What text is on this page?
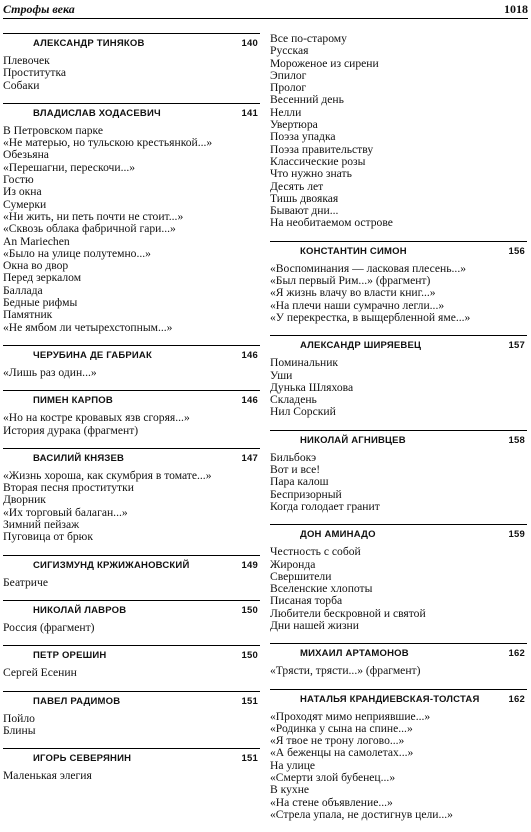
Строфы века	1018
АЛЕКСАНДР ТИНЯКОВ	140
Плевочек
Проститутка
Собаки
ВЛАДИСЛАВ ХОДАСЕВИЧ	141
В Петровском парке
«Не матерью, но тульскою крестьянкой...»
Обезьяна
«Перешагни, перескочи...»
Гостю
Из окна
Сумерки
«Ни жить, ни петь почти не стоит...»
«Сквозь облака фабричной гари...»
An Mariechen
«Было на улице полутемно...»
Окна во двор
Перед зеркалом
Баллада
Бедные рифмы
Памятник
«Не ямбом ли четырехстопным...»
ЧЕРУБИНА ДЕ ГАБРИАК	146
«Лишь раз один...»
ПИМЕН КАРПОВ	146
«Но на костре кровавых язв сгоряя...»
История дурака (фрагмент)
ВАСИЛИЙ КНЯЗЕВ	147
«Жизнь хороша, как скумбрия в томате...»
Вторая песня проститутки
Дворник
«Их торговый балаган...»
Зимний пейзаж
Пуговица от брюк
СИГИЗМУНД КРЖИЖАНОВСКИЙ	149
Беатриче
НИКОЛАЙ ЛАВРОВ	150
Россия (фрагмент)
ПЕТР ОРЕШИН	150
Сергей Есенин
ПАВЕЛ РАДИМОВ	151
Пойло
Блины
ИГОРЬ СЕВЕРЯНИН	151
Маленькая элегия
Все по-старому
Русская
Мороженое из сирени
Эпилог
Пролог
Весенний день
Нелли
Увертюра
Поэза упадка
Поэза правительству
Классические розы
Что нужно знать
Десять лет
Тишь двоякая
Бывают дни...
На необитаемом острове
КОНСТАНТИН СИМОН	156
«Воспоминания — ласковая плесень...»
«Был первый Рим...» (фрагмент)
«Я жизнь влачу во власти книг...»
«На плечи наши сумрачно легли...»
«У перекрестка, в выщербленной яме...»
АЛЕКСАНДР ШИРЯЕВЕЦ	157
Поминальник
Уши
Дунька Шляхова
Складень
Нил Сорский
НИКОЛАЙ АГНИВЦЕВ	158
Бильбокэ
Вот и все!
Пара калош
Беспризорный
Когда голодает гранит
ДОН АМИНАДО	159
Честность с собой
Жиронда
Свершители
Вселенские хлопоты
Писаная торба
Любители бескровной и святой
Дни нашей жизни
МИХАИЛ АРТАМОНОВ	162
«Трясти, трясти...» (фрагмент)
НАТАЛЬЯ КРАНДИЕВСКАЯ-ТОЛСТАЯ	162
«Проходят мимо неприявшие...»
«Родинка у сына на спине...»
«Я твое не трону логово...»
«А беженцы на самолетах...»
На улице
«Смерти злой бубенец...»
В кухне
«На стене объявление...»
«Стрела упала, не достигнув цели...»
